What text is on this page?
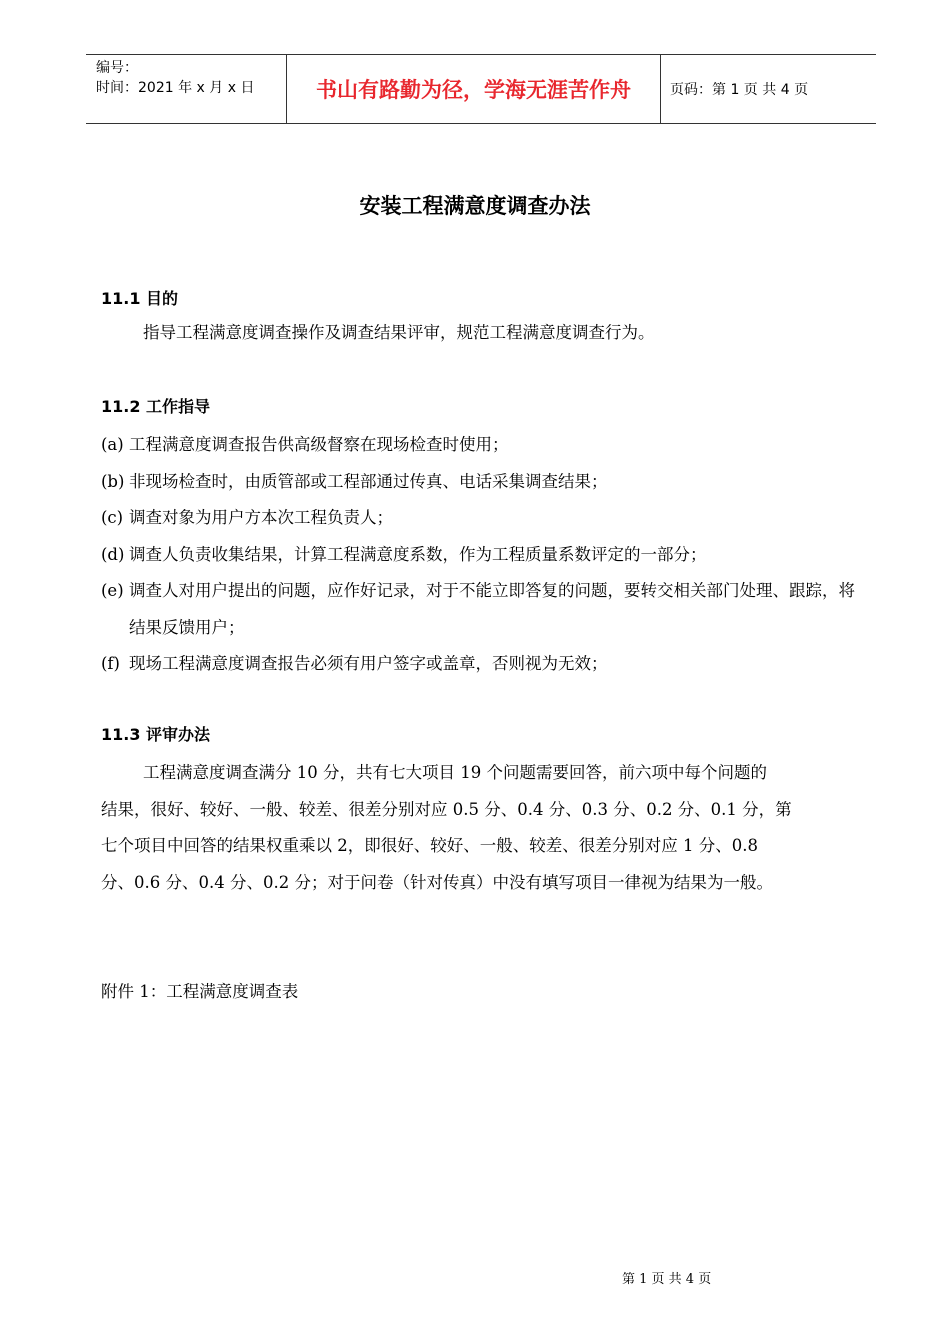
编号：
时间：2021 年 x 月 x 日	书山有路勤为径，学海无涯苦作舟	页码：第 1 页 共 4 页
安装工程满意度调查办法
11.1 目的
指导工程满意度调查操作及调查结果评审，规范工程满意度调查行为。
11.2 工作指导
(a) 工程满意度调查报告供高级督察在现场检查时使用；
(b) 非现场检查时，由质管部或工程部通过传真、电话采集调查结果；
(c) 调查对象为用户方本次工程负责人；
(d) 调查人负责收集结果，计算工程满意度系数，作为工程质量系数评定的一部分；
(e) 调查人对用户提出的问题，应作好记录，对于不能立即答复的问题，要转交相关部门处理、跟踪，将结果反馈用户；
(f) 现场工程满意度调查报告必须有用户签字或盖章，否则视为无效；
11.3 评审办法
工程满意度调查满分 10 分，共有七大项目 19 个问题需要回答，前六项中每个问题的
结果，很好、较好、一般、较差、很差分别对应 0.5 分、0.4 分、0.3 分、0.2 分、0.1 分，第
七个项目中回答的结果权重乘以 2，即很好、较好、一般、较差、很差分别对应 1 分、0.8
分、0.6 分、0.4 分、0.2 分；对于问卷（针对传真）中没有填写项目一律视为结果为一般。
附件 1：工程满意度调查表
第 1 页 共 4 页
